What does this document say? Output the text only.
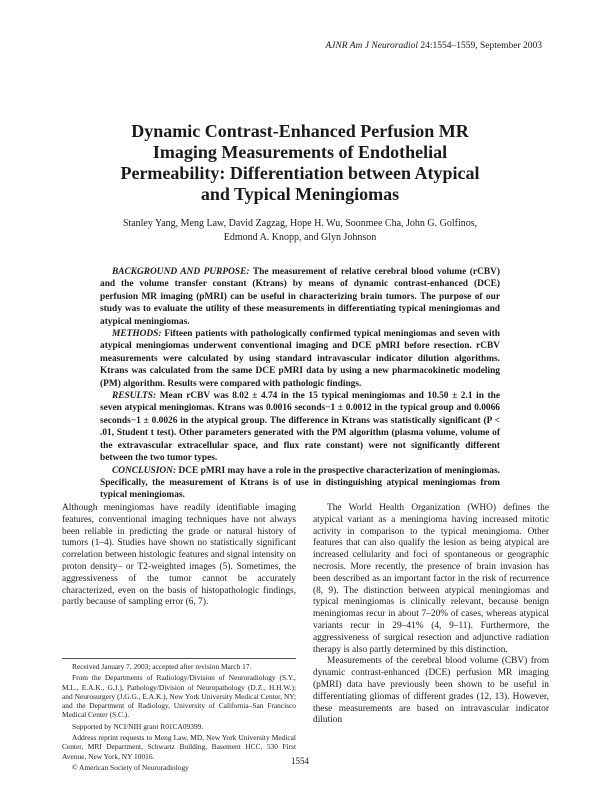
AJNR Am J Neuroradiol 24:1554–1559, September 2003
Dynamic Contrast-Enhanced Perfusion MR
Imaging Measurements of Endothelial
Permeability: Differentiation between Atypical
and Typical Meningiomas
Stanley Yang, Meng Law, David Zagzag, Hope H. Wu, Soonmee Cha, John G. Golfinos,
Edmond A. Knopp, and Glyn Johnson

BACKGROUND AND PURPOSE: The measurement of relative cerebral blood volume (rCBV) and the volume transfer constant (Ktrans) by means of dynamic contrast-enhanced (DCE) perfusion MR imaging (pMRI) can be useful in characterizing brain tumors. The purpose of our study was to evaluate the utility of these measurements in differentiating typical meningiomas and atypical meningiomas.

METHODS: Fifteen patients with pathologically confirmed typical meningiomas and seven with atypical meningiomas underwent conventional imaging and DCE pMRI before resection. rCBV measurements were calculated by using standard intravascular indicator dilution algorithms. Ktrans was calculated from the same DCE pMRI data by using a new pharmacokinetic modeling (PM) algorithm. Results were compared with pathologic findings.

RESULTS: Mean rCBV was 8.02 ± 4.74 in the 15 typical meningiomas and 10.50 ± 2.1 in the seven atypical meningiomas. Ktrans was 0.0016 seconds−1 ± 0.0012 in the typical group and 0.0066 seconds−1 ± 0.0026 in the atypical group. The difference in Ktrans was statistically significant (P < .01, Student t test). Other parameters generated with the PM algorithm (plasma volume, volume of the extravascular extracellular space, and flux rate constant) were not significantly different between the two tumor types.

CONCLUSION: DCE pMRI may have a role in the prospective characterization of meningiomas. Specifically, the measurement of Ktrans is of use in distinguishing atypical meningiomas from typical meningiomas.

Although meningiomas have readily identifiable imaging features, conventional imaging techniques have not always been reliable in predicting the grade or natural history of tumors (1–4). Studies have shown no statistically significant correlation between histologic features and signal intensity on proton density– or T2-weighted images (5). Sometimes, the aggressiveness of the tumor cannot be accurately characterized, even on the basis of histopathologic findings, partly because of sampling error (6, 7).

Received January 7, 2003; accepted after revision March 17.

From the Departments of Radiology/Division of Neuroradiology (S.Y., M.L., E.A.K., G.J.), Pathology/Division of Neuropathology (D.Z., H.H.W.); and Neurosurgery (J.G.G., E.A.K.), New York University Medical Center, NY; and the Department of Radiology, University of California–San Francisco Medical Center (S.C.).

Supported by NCI/NIH grant R01CA09399.

Address reprint requests to Meng Law, MD, New York University Medical Center, MRI Department, Schwartz Building, Basement HCC, 530 First Avenue, New York, NY 10016.

© American Society of Neuroradiology

The World Health Organization (WHO) defines the atypical variant as a meningioma having increased mitotic activity in comparison to the typical meningioma. Other features that can also qualify the lesion as being atypical are increased cellularity and foci of spontaneous or geographic necrosis. More recently, the presence of brain invasion has been described as an important factor in the risk of recurrence (8, 9). The distinction between atypical meningiomas and typical meningiomas is clinically relevant, because benign meningiomas recur in about 7–20% of cases, whereas atypical variants recur in 29–41% (4, 9–11). Furthermore, the aggressiveness of surgical resection and adjunctive radiation therapy is also partly determined by this distinction.

Measurements of the cerebral blood volume (CBV) from dynamic contrast-enhanced (DCE) perfusion MR imaging (pMRI) data have previously been shown to be useful in differentiating gliomas of different grades (12, 13). However, these measurements are based on intravascular indicator dilution

1554
